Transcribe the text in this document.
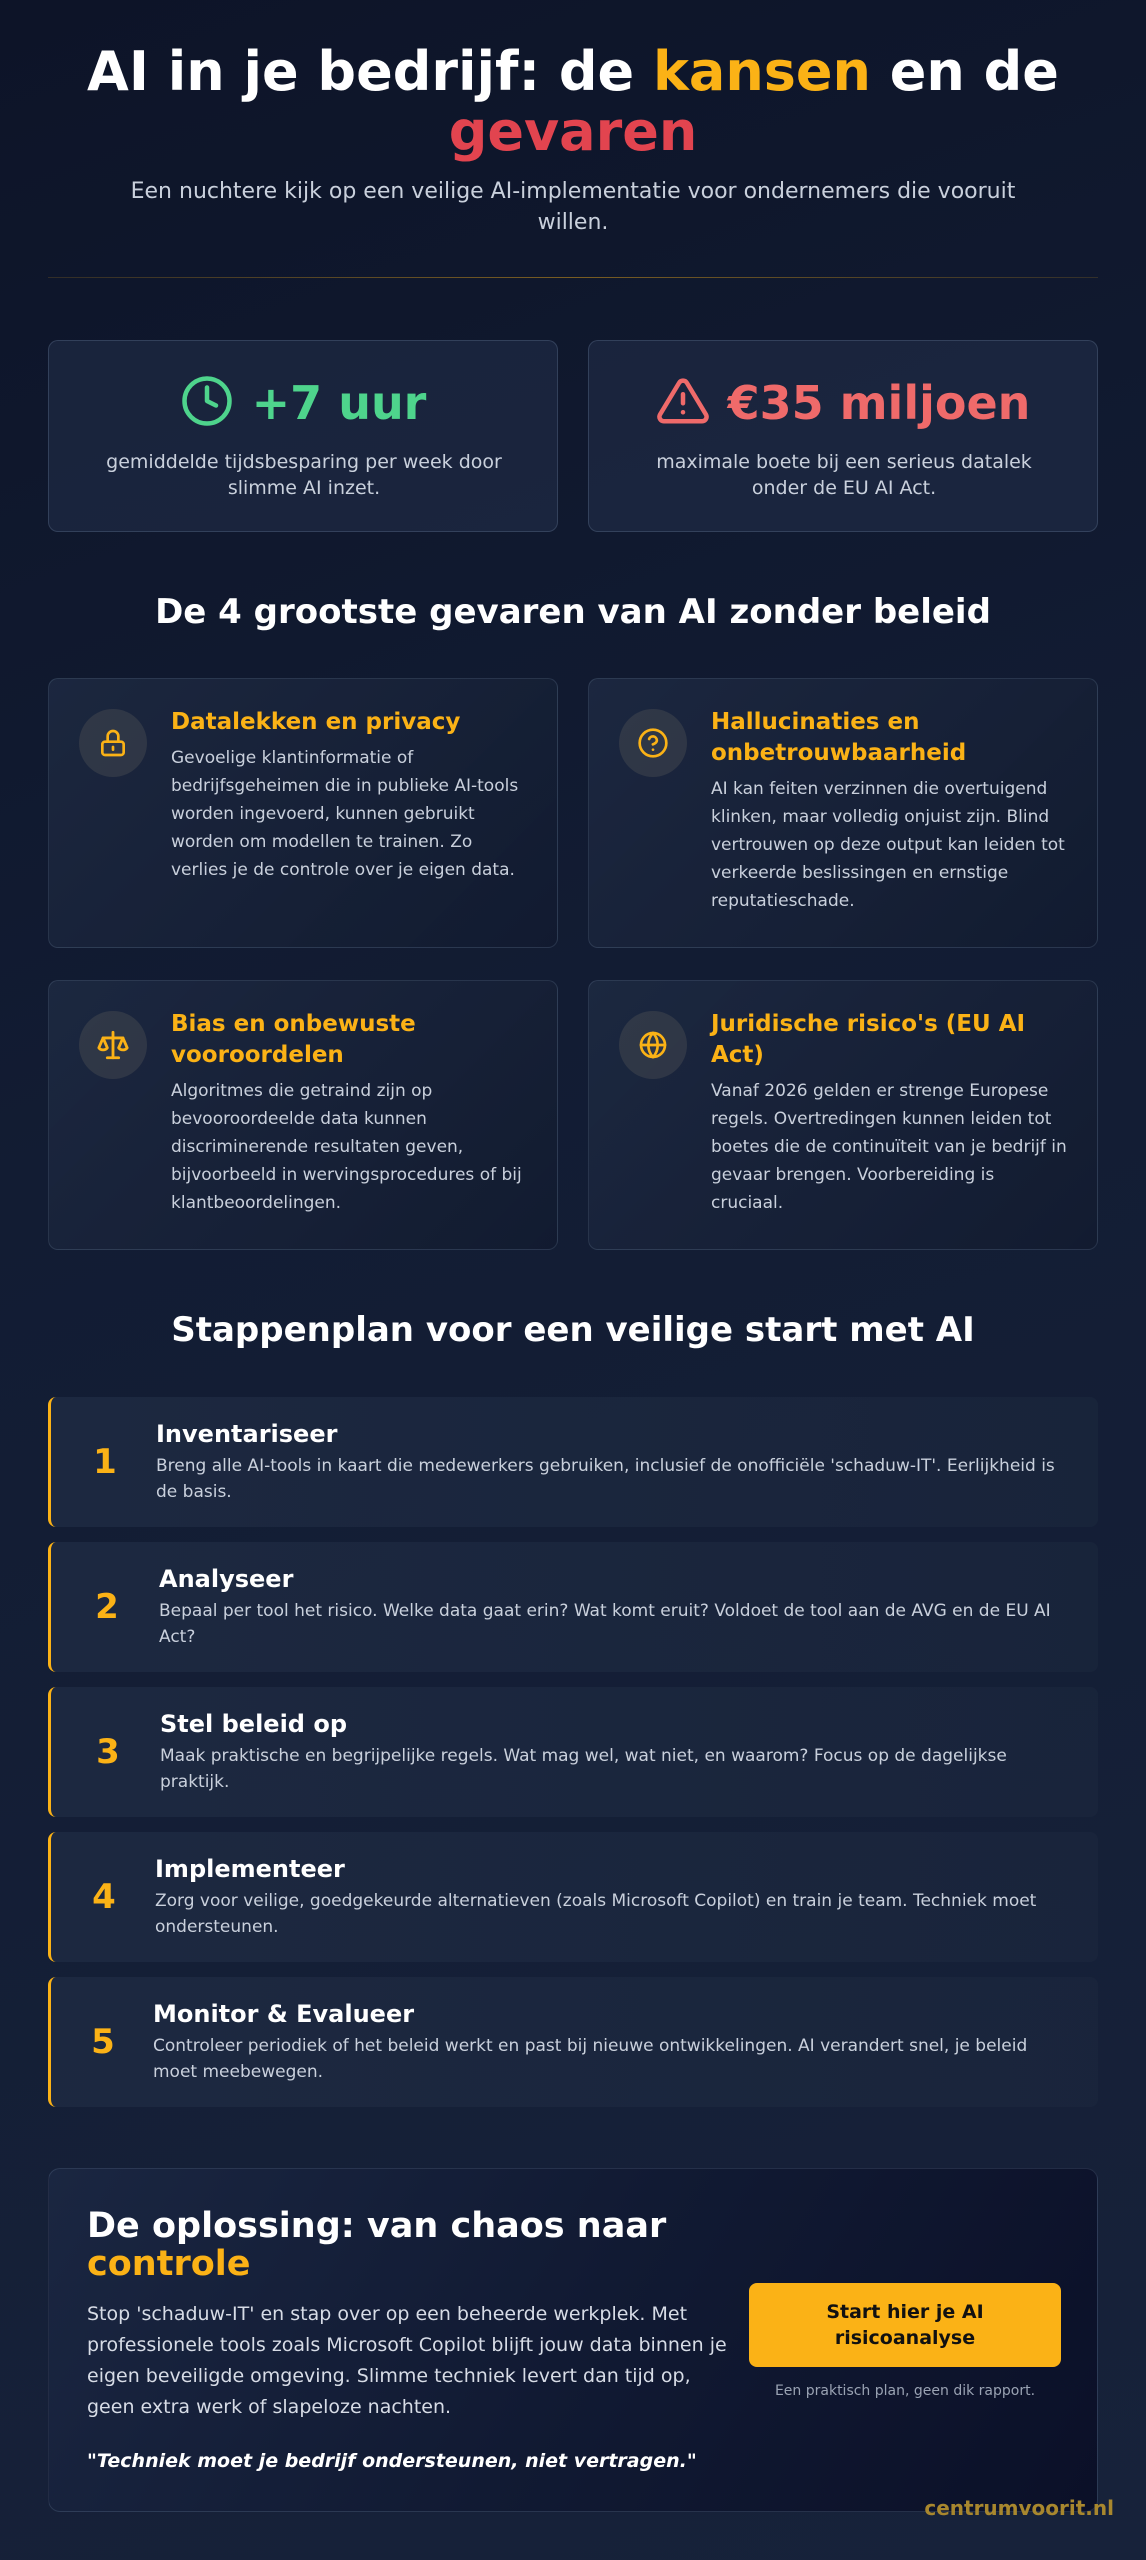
AI in je bedrijf: de kansen en de
gevaren

Een nuchtere kijk op een veilige AI-implementatie voor ondernemers die vooruit willen.

+7 uur

gemiddelde tijdsbesparing per week door slimme AI inzet.

€35 miljoen

maximale boete bij een serieus datalek onder de EU AI Act.

De 4 grootste gevaren van AI zonder beleid
Datalekken en privacy

Gevoelige klantinformatie of bedrijfsgeheimen die in publieke AI-tools worden ingevoerd, kunnen gebruikt worden om modellen te trainen. Zo verlies je de controle over je eigen data.

Hallucinaties en onbetrouwbaarheid

AI kan feiten verzinnen die overtuigend klinken, maar volledig onjuist zijn. Blind vertrouwen op deze output kan leiden tot verkeerde beslissingen en ernstige reputatieschade.

Bias en onbewuste vooroordelen

Algoritmes die getraind zijn op bevooroordeelde data kunnen discriminerende resultaten geven, bijvoorbeeld in wervingsprocedures of bij klantbeoordelingen.

Juridische risico's (EU AI Act)

Vanaf 2026 gelden er strenge Europese regels. Overtredingen kunnen leiden tot boetes die de continuïteit van je bedrijf in gevaar brengen. Voorbereiding is cruciaal.

Stappenplan voor een veilige start met AI
1
Inventariseer

Breng alle AI-tools in kaart die medewerkers gebruiken, inclusief de onofficiële 'schaduw-IT'. Eerlijkheid is de basis.

2
Analyseer

Bepaal per tool het risico. Welke data gaat erin? Wat komt eruit? Voldoet de tool aan de AVG en de EU AI Act?

3
Stel beleid op

Maak praktische en begrijpelijke regels. Wat mag wel, wat niet, en waarom? Focus op de dagelijkse praktijk.

4
Implementeer

Zorg voor veilige, goedgekeurde alternatieven (zoals Microsoft Copilot) en train je team. Techniek moet ondersteunen.

5
Monitor & Evalueer

Controleer periodiek of het beleid werkt en past bij nieuwe ontwikkelingen. AI verandert snel, je beleid moet meebewegen.

De oplossing: van chaos naar
controle

Stop 'schaduw-IT' en stap over op een beheerde werkplek. Met professionele tools zoals Microsoft Copilot blijft jouw data binnen je eigen beveiligde omgeving. Slimme techniek levert dan tijd op, geen extra werk of slapeloze nachten.

"Techniek moet je bedrijf ondersteunen, niet vertragen."

Start hier je AI risicoanalyse

Een praktisch plan, geen dik rapport.

centrumvoorit.nl
